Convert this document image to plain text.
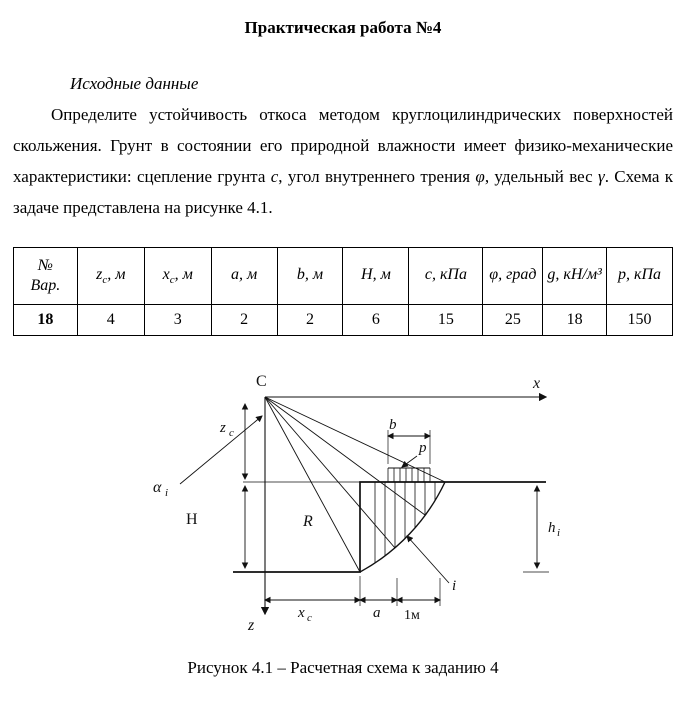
Практическая работа №4

Исходные данные

Определите устойчивость откоса методом круглоцилиндрических поверхностей скольжения. Грунт в состоянии его природной влажности имеет физико-механические характеристики: сцепление грунта с, угол внутреннего трения φ, удельный вес γ. Схема к задаче представлена на рисунке 4.1.

№
Вар.	$z_c$, м	$x_c$, м	a, м	b, м	H, м	c, кПа	φ, град	g, кН/м³	p, кПа
18	4	3	2	2	6	15	25	18	150
C	x
z
z c	b
p
α i
H	R	h i
i
x c	a 1м
Рисунок 4.1 – Расчетная схема к заданию 4
